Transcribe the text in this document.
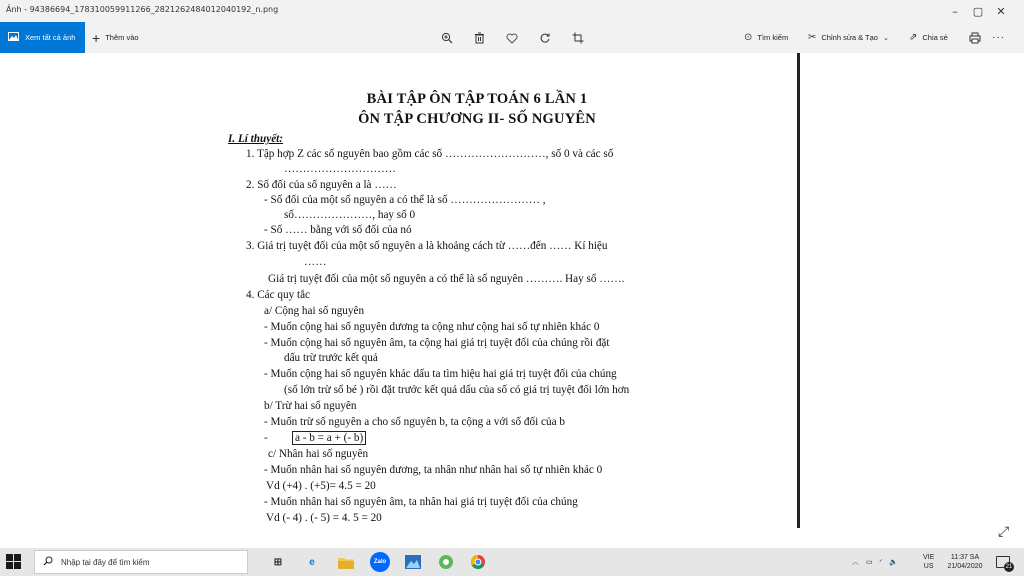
Ảnh - 94386694_178310059911266_2821262484012040192_n.png	–	▢	✕
Xem tất cả ảnh + Thêm vào	⊙ Tìm kiếm ✂ Chỉnh sửa & Tạo ⌄ ⇗ Chia sẻ	···
BÀI TẬP ÔN TẬP TOÁN 6 LẦN 1
ÔN TẬP CHƯƠNG II- SỐ NGUYÊN
I. Lí thuyết:
1. Tập hợp Z các số nguyên bao gồm các số ………………………, số 0 và các số
…………………………
2. Số đối của số nguyên a là ……
- Số đối của một số nguyên a có thể là số …………………… ,
số…………………, hay số 0
- Số …… bằng với số đối của nó
3. Giá trị tuyệt đối của một số nguyên a là khoảng cách từ ……đến …… Kí hiệu
……
Giá trị tuyệt đối của một số nguyên a có thể là số nguyên ………. Hay số …….
4. Các quy tắc
a/ Cộng hai số nguyên
- Muốn cộng hai số nguyên dương ta cộng như cộng hai số tự nhiên khác 0
- Muốn cộng hai số nguyên âm, ta cộng hai giá trị tuyệt đối của chúng rồi đặt
dấu trừ trước kết quả
- Muốn cộng hai số nguyên khác dấu ta tìm hiệu hai giá trị tuyệt đối của chúng
(số lớn trừ số bé ) rồi đặt trước kết quả dấu của số có giá trị tuyệt đối lớn hơn
b/ Trừ hai số nguyên
- Muốn trừ số nguyên a cho số nguyên b, ta cộng a với số đối của b
- a - b = a + (- b)
c/ Nhân hai số nguyên
- Muốn nhân hai số nguyên dương, ta nhân như nhân hai số tự nhiên khác 0
Vd (+4) . (+5)= 4.5 = 20
- Muốn nhân hai số nguyên âm, ta nhân hai giá trị tuyệt đối của chúng
Vd (- 4) . (- 5) = 4. 5 = 20
⤢
Nhập tại đây để tìm kiếm	⊞	e	Zalo	︿ ▭ ◜ 🔈
VIE
US
11:37 SA
21/04/2020	21
